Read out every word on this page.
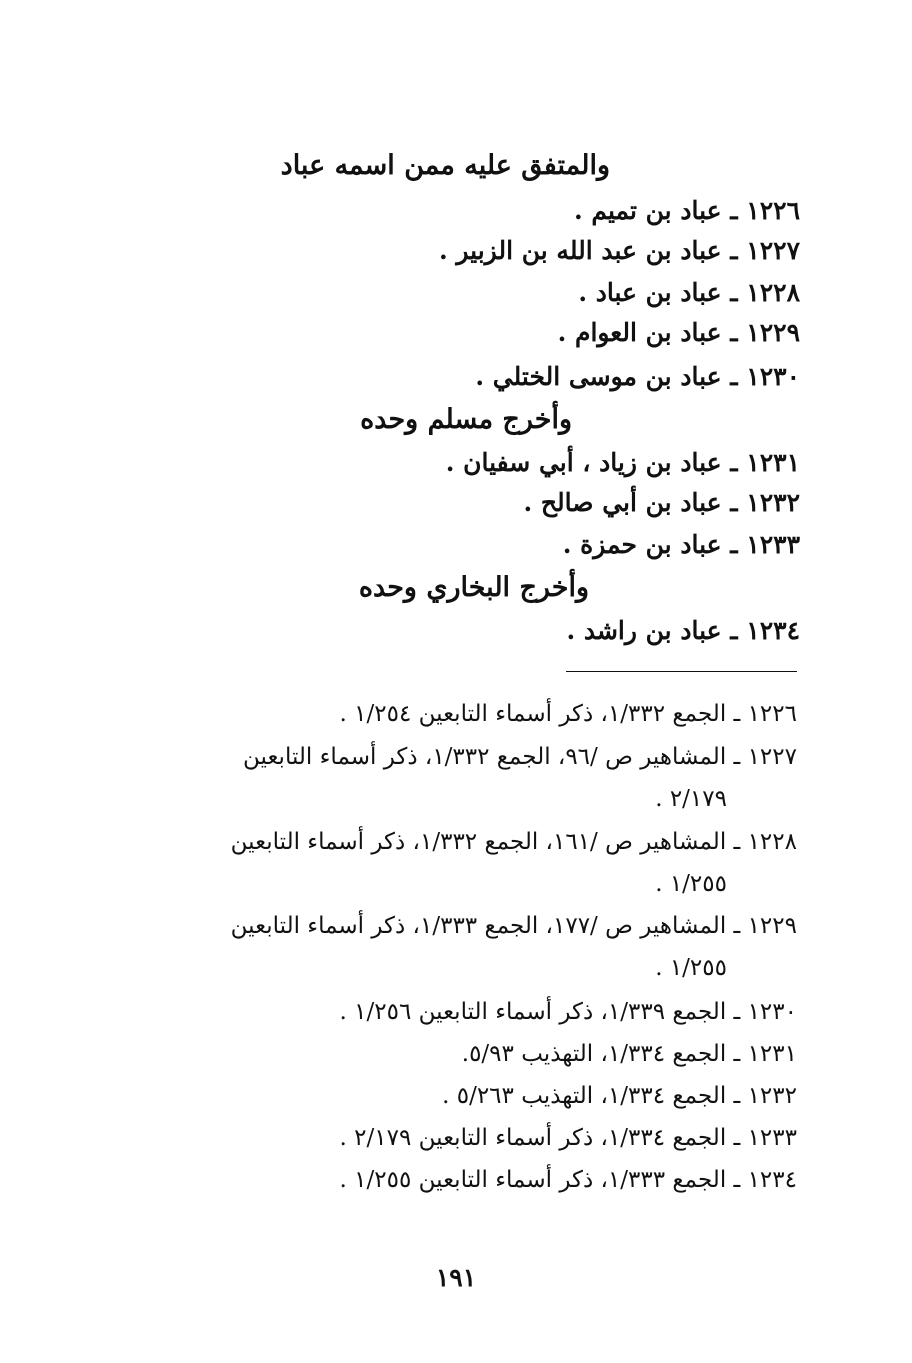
والمتفق عليه ممن اسمه عباد
١٢٢٦ ـ عباد بن تميم .
١٢٢٧ ـ عباد بن عبد الله بن الزبير .
١٢٢٨ ـ عباد بن عباد .
١٢٢٩ ـ عباد بن العوام .
١٢٣٠ ـ عباد بن موسى الختلي .
وأخرج مسلم وحده
١٢٣١ ـ عباد بن زياد ، أبي سفيان .
١٢٣٢ ـ عباد بن أبي صالح .
١٢٣٣ ـ عباد بن حمزة .
وأخرج البخاري وحده
١٢٣٤ ـ عباد بن راشد .
١٢٢٦ ـ الجمع ١/٣٣٢، ذكر أسماء التابعين ١/٢٥٤ .
١٢٢٧ ـ المشاهير ص /٩٦، الجمع ١/٣٣٢، ذكر أسماء التابعين
٢/١٧٩ .
١٢٢٨ ـ المشاهير ص /١٦١، الجمع ١/٣٣٢، ذكر أسماء التابعين
١/٢٥٥ .
١٢٢٩ ـ المشاهير ص /١٧٧، الجمع ١/٣٣٣، ذكر أسماء التابعين
١/٢٥٥ .
١٢٣٠ ـ الجمع ١/٣٣٩، ذكر أسماء التابعين ١/٢٥٦ .
١٢٣١ ـ الجمع ١/٣٣٤، التهذيب ٥/٩٣.
١٢٣٢ ـ الجمع ١/٣٣٤، التهذيب ٥/٢٦٣ .
١٢٣٣ ـ الجمع ١/٣٣٤، ذكر أسماء التابعين ٢/١٧٩ .
١٢٣٤ ـ الجمع ١/٣٣٣، ذكر أسماء التابعين ١/٢٥٥ .
١٩١
